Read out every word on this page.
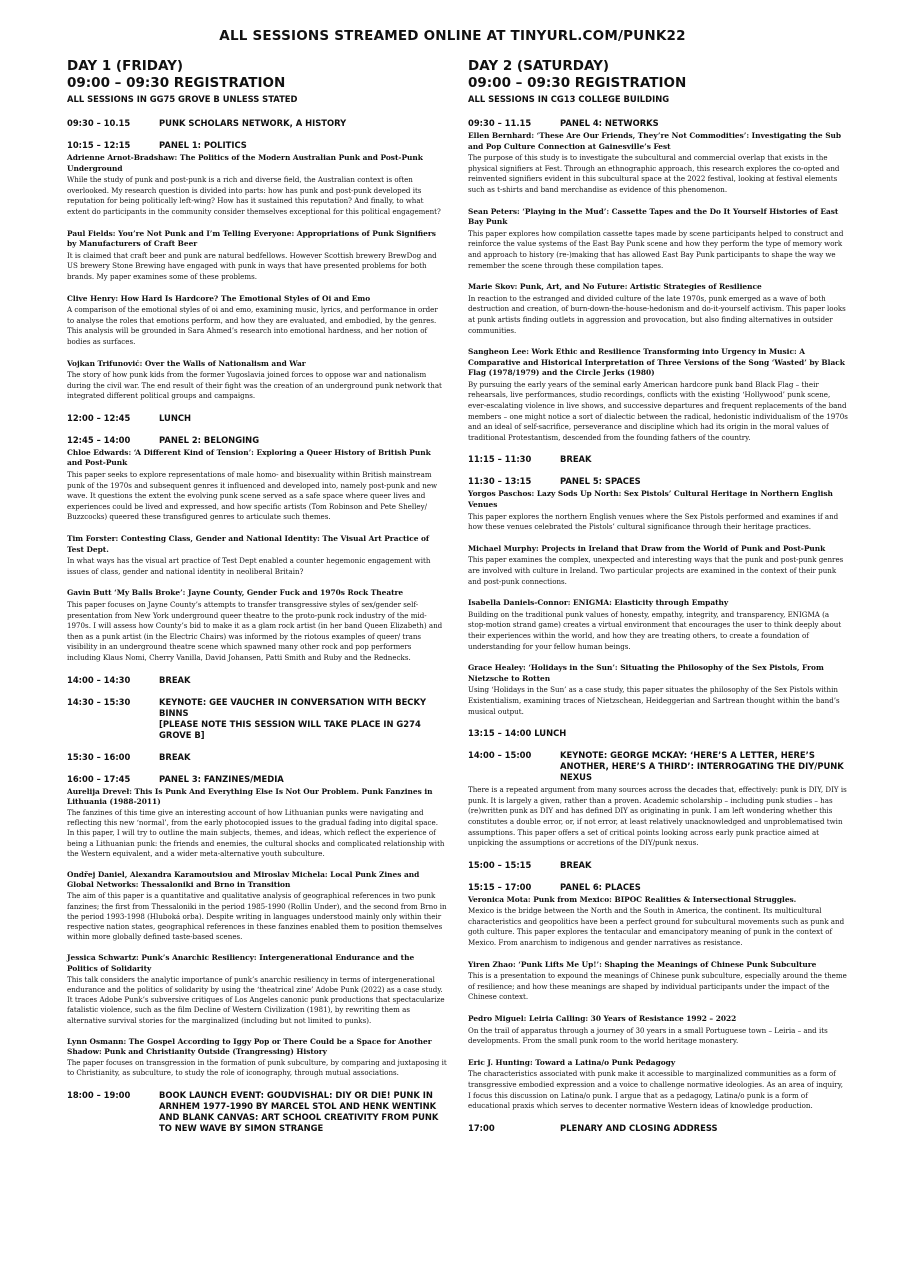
ALL SESSIONS STREAMED ONLINE AT TINYURL.COM/PUNK22
DAY 1 (FRIDAY)
09:00 – 09:30 REGISTRATION
ALL SESSIONS IN GG75 GROVE B UNLESS STATED
09:30 – 10.15	PUNK SCHOLARS NETWORK, A HISTORY
10:15 – 12:15	PANEL 1: POLITICS
Adrienne Arnot-Bradshaw: The Politics of the Modern Australian Punk and Post-Punk Underground
While the study of punk and post-punk is a rich and diverse field, the Australian context is often overlooked. My research question is divided into parts: how has punk and post-punk developed its reputation for being politically left-wing? How has it sustained this reputation? And finally, to what extent do participants in the community consider themselves exceptional for this political engagement?
Paul Fields: You’re Not Punk and I’m Telling Everyone: Appropriations of Punk Signifiers by Manufacturers of Craft Beer
It is claimed that craft beer and punk are natural bedfellows. However Scottish brewery BrewDog and US brewery Stone Brewing have engaged with punk in ways that have presented problems for both brands. My paper examines some of these problems.
Clive Henry: How Hard Is Hardcore? The Emotional Styles of Oi and Emo
A comparison of the emotional styles of oi and emo, examining music, lyrics, and performance in order to analyse the roles that emotions perform, and how they are evaluated, and embodied, by the genres. This analysis will be grounded in Sara Ahmed’s research into emotional hardness, and her notion of bodies as surfaces.
Vojkan Trifunović: Over the Walls of Nationalism and War
The story of how punk kids from the former Yugoslavia joined forces to oppose war and nationalism during the civil war. The end result of their fight was the creation of an underground punk network that integrated different political groups and campaigns.
12:00 – 12:45	LUNCH
12:45 – 14:00	PANEL 2: BELONGING
Chloe Edwards: ‘A Different Kind of Tension’: Exploring a Queer History of British Punk and Post-Punk
This paper seeks to explore representations of male homo- and bisexuality within British mainstream punk of the 1970s and subsequent genres it influenced and developed into, namely post-punk and new wave. It questions the extent the evolving punk scene served as a safe space where queer lives and experiences could be lived and expressed, and how specific artists (Tom Robinson and Pete Shelley/ Buzzcocks) queered these transfigured genres to articulate such themes.
Tim Forster: Contesting Class, Gender and National Identity: The Visual Art Practice of Test Dept.
In what ways has the visual art practice of Test Dept enabled a counter hegemonic engagement with issues of class, gender and national identity in neoliberal Britain?
Gavin Butt ‘My Balls Broke’: Jayne County, Gender Fuck and 1970s Rock Theatre
This paper focuses on Jayne County’s attempts to transfer transgressive styles of sex/gender self-presentation from New York underground queer theatre to the proto-punk rock industry of the mid-1970s. I will assess how County’s bid to make it as a glam rock artist (in her band Queen Elizabeth) and then as a punk artist (in the Electric Chairs) was informed by the riotous examples of queer/ trans visibility in an underground theatre scene which spawned many other rock and pop performers including Klaus Nomi, Cherry Vanilla, David Johansen, Patti Smith and Ruby and the Rednecks.
14:00 – 14:30	BREAK
14:30 – 15:30	KEYNOTE: GEE VAUCHER IN CONVERSATION WITH BECKY BINNS
[PLEASE NOTE THIS SESSION WILL TAKE PLACE IN G274 GROVE B]
15:30 – 16:00	BREAK
16:00 – 17:45	PANEL 3: FANZINES/MEDIA
Aurelija Dreveł: This Is Punk And Everything Else Is Not Our Problem. Punk Fanzines in Lithuania (1988-2011)
The fanzines of this time give an interesting account of how Lithuanian punks were navigating and reflecting this new ‘normal’, from the early photocopied issues to the gradual fading into digital space. In this paper, I will try to outline the main subjects, themes, and ideas, which reflect the experience of being a Lithuanian punk: the friends and enemies, the cultural shocks and complicated relationship with the Western equivalent, and a wider meta-alternative youth subculture.
Ondřej Daniel, Alexandra Karamoutsiou and Miroslav Michela: Local Punk Zines and Global Networks: Thessaloniki and Brno in Transition
The aim of this paper is a quantitative and qualitative analysis of geographical references in two punk fanzines; the first from Thessaloniki in the period 1985-1990 (Rollin Under), and the second from Brno in the period 1993-1998 (Hluboká orba). Despite writing in languages understood mainly only within their respective nation states, geographical references in these fanzines enabled them to position themselves within more globally defined taste-based scenes.
Jessica Schwartz: Punk’s Anarchic Resiliency: Intergenerational Endurance and the Politics of Solidarity
This talk considers the analytic importance of punk’s anarchic resiliency in terms of intergenerational endurance and the politics of solidarity by using the ‘theatrical zine’ Adobe Punk (2022) as a case study. It traces Adobe Punk’s subversive critiques of Los Angeles canonic punk productions that spectacularize fatalistic violence, such as the film Decline of Western Civilization (1981), by rewriting them as alternative survival stories for the marginalized (including but not limited to punks).
Lynn Osmann: The Gospel According to Iggy Pop or There Could be a Space for Another Shadow: Punk and Christianity Outside (Trangressing) History
The paper focuses on transgression in the formation of punk subculture, by comparing and juxtaposing it to Christianity, as subculture, to study the role of iconography, through mutual associations.
18:00 – 19:00	BOOK LAUNCH EVENT: GOUDVISHAL: DIY OR DIE! PUNK IN ARNHEM 1977-1990 BY MARCEL STOL AND HENK WENTINK AND BLANK CANVAS: ART SCHOOL CREATIVITY FROM PUNK TO NEW WAVE BY SIMON STRANGE
DAY 2 (SATURDAY)
09:00 – 09:30 REGISTRATION
ALL SESSIONS IN CG13 COLLEGE BUILDING
09:30 – 11.15	PANEL 4: NETWORKS
Ellen Bernhard: ‘These Are Our Friends, They’re Not Commodities’: Investigating the Sub and Pop Culture Connection at Gainesville’s Fest
The purpose of this study is to investigate the subcultural and commercial overlap that exists in the physical signifiers at Fest. Through an ethnographic approach, this research explores the co-opted and reinvented signifiers evident in this subcultural space at the 2022 festival, looking at festival elements such as t-shirts and band merchandise as evidence of this phenomenon.
Sean Peters: ‘Playing in the Mud’: Cassette Tapes and the Do It Yourself Histories of East Bay Punk
This paper explores how compilation cassette tapes made by scene participants helped to construct and reinforce the value systems of the East Bay Punk scene and how they perform the type of memory work and approach to history (re-)making that has allowed East Bay Punk participants to shape the way we remember the scene through these compilation tapes.
Marie Skov: Punk, Art, and No Future: Artistic Strategies of Resilience
In reaction to the estranged and divided culture of the late 1970s, punk emerged as a wave of both destruction and creation, of burn-down-the-house-hedonism and do-it-yourself activism. This paper looks at punk artists finding outlets in aggression and provocation, but also finding alternatives in outsider communities.
Sangheon Lee: Work Ethic and Resilience Transforming into Urgency in Music: A Comparative and Historical Interpretation of Three Versions of the Song ‘Wasted’ by Black Flag (1978/1979) and the Circle Jerks (1980)
By pursuing the early years of the seminal early American hardcore punk band Black Flag – their rehearsals, live performances, studio recordings, conflicts with the existing ‘Hollywood’ punk scene, ever-escalating violence in live shows, and successive departures and frequent replacements of the band members – one might notice a sort of dialectic between the radical, hedonistic individualism of the 1970s and an ideal of self-sacrifice, perseverance and discipline which had its origin in the moral values of traditional Protestantism, descended from the founding fathers of the country.
11:15 – 11:30	BREAK
11:30 – 13:15	PANEL 5: SPACES
Yorgos Paschos: Lazy Sods Up North: Sex Pistols’ Cultural Heritage in Northern English Venues
This paper explores the northern English venues where the Sex Pistols performed and examines if and how these venues celebrated the Pistols’ cultural significance through their heritage practices.
Michael Murphy: Projects in Ireland that Draw from the World of Punk and Post-Punk
This paper examines the complex, unexpected and interesting ways that the punk and post-punk genres are involved with culture in Ireland. Two particular projects are examined in the context of their punk and post-punk connections.
Isabella Daniels-Connor: ENIGMA: Elasticity through Empathy
Building on the traditional punk values of honesty, empathy, integrity, and transparency, ENIGMA (a stop-motion strand game) creates a virtual environment that encourages the user to think deeply about their experiences within the world, and how they are treating others, to create a foundation of understanding for your fellow human beings.
Grace Healey: ‘Holidays in the Sun’: Situating the Philosophy of the Sex Pistols, From Nietzsche to Rotten
Using ‘Holidays in the Sun’ as a case study, this paper situates the philosophy of the Sex Pistols within Existentialism, examining traces of Nietzschean, Heideggerian and Sartrean thought within the band’s musical output.
13:15 – 14:00 LUNCH
14:00 – 15:00	KEYNOTE: GEORGE MCKAY: ‘HERE’S A LETTER, HERE’S ANOTHER, HERE’S A THIRD’: INTERROGATING THE DIY/PUNK NEXUS
There is a repeated argument from many sources across the decades that, effectively: punk is DIY, DIY is punk. It is largely a given, rather than a proven. Academic scholarship – including punk studies – has (re)written punk as DIY and has defined DIY as originating in punk. I am left wondering whether this constitutes a double error, or, if not error, at least relatively unacknowledged and unproblematised twin assumptions. This paper offers a set of critical points looking across early punk practice aimed at unpicking the assumptions or accretions of the DIY/punk nexus.
15:00 – 15:15	BREAK
15:15 – 17:00	PANEL 6: PLACES
Veronica Mota: Punk from Mexico: BIPOC Realities & Intersectional Struggles.
Mexico is the bridge between the North and the South in America, the continent. Its multicultural characteristics and geopolitics have been a perfect ground for subcultural movements such as punk and goth culture. This paper explores the tentacular and emancipatory meaning of punk in the context of Mexico. From anarchism to indigenous and gender narratives as resistance.
Yiren Zhao: ‘Punk Lifts Me Up!’: Shaping the Meanings of Chinese Punk Subculture
This is a presentation to expound the meanings of Chinese punk subculture, especially around the theme of resilience; and how these meanings are shaped by individual participants under the impact of the Chinese context.
Pedro Miguel: Leiria Calling: 30 Years of Resistance 1992 – 2022
On the trail of apparatus through a journey of 30 years in a small Portuguese town – Leiria – and its developments. From the small punk room to the world heritage monastery.
Eric J. Hunting: Toward a Latina/o Punk Pedagogy
The characteristics associated with punk make it accessible to marginalized communities as a form of transgressive embodied expression and a voice to challenge normative ideologies. As an area of inquiry, I focus this discussion on Latina/o punk. I argue that as a pedagogy, Latina/o punk is a form of educational praxis which serves to decenter normative Western ideas of knowledge production.
17:00	PLENARY AND CLOSING ADDRESS
